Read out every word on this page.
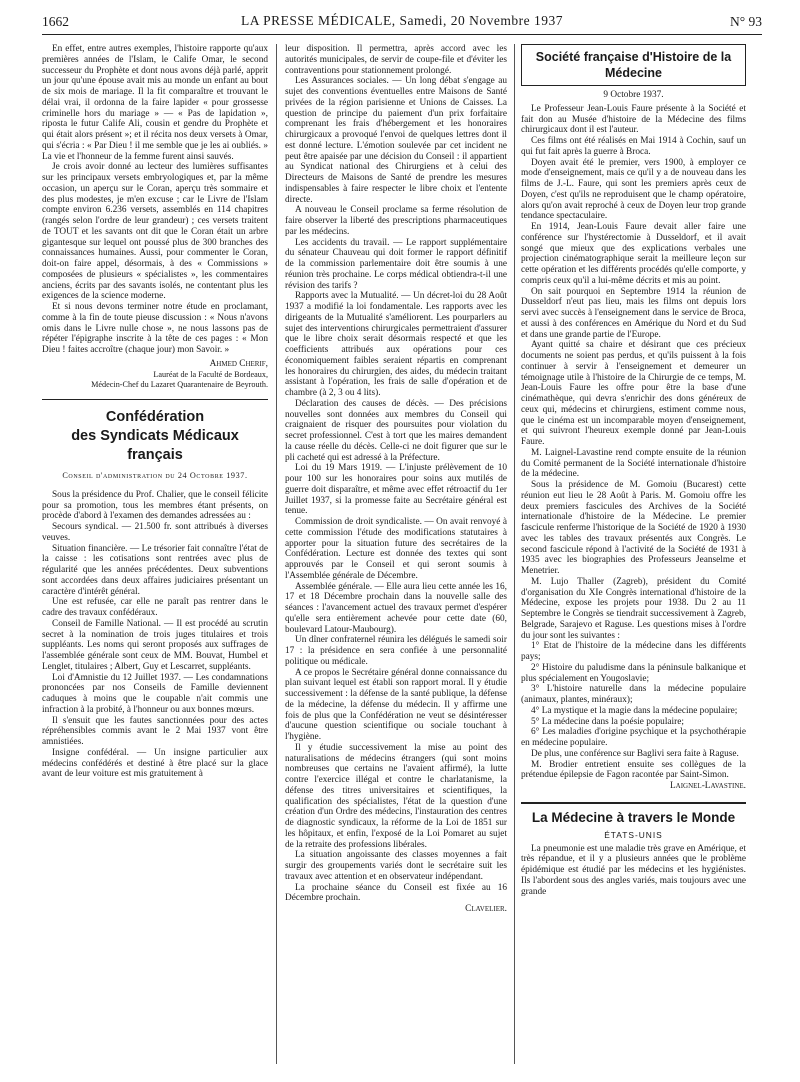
1662	LA PRESSE MÉDICALE, Samedi, 20 Novembre 1937	N° 93

En effet, entre autres exemples, l'histoire rapporte qu'aux premières années de l'Islam, le Calife Omar, le second successeur du Prophète et dont nous avons déjà parlé, apprit un jour qu'une épouse avait mis au monde un enfant au bout de six mois de mariage. Il la fit comparaître et trouvant le délai vrai, il ordonna de la faire lapider « pour grossesse criminelle hors du mariage » — « Pas de lapidation », riposta le futur Calife Ali, cousin et gendre du Prophète et qui était alors présent »; et il récita nos deux versets à Omar, qui s'écria : « Par Dieu ! il me semble que je les ai oubliés. » La vie et l'honneur de la femme furent ainsi sauvés.

Je crois avoir donné au lecteur des lumières suffisantes sur les principaux versets embryologiques et, par la même occasion, un aperçu sur le Coran, aperçu très sommaire et des plus modestes, je m'en excuse ; car le Livre de l'Islam compte environ 6.236 versets, assemblés en 114 chapitres (rangés selon l'ordre de leur grandeur) ; ces versets traitent de TOUT et les savants ont dit que le Coran était un arbre gigantesque sur lequel ont poussé plus de 300 branches des connaissances humaines. Aussi, pour commenter le Coran, doit-on faire appel, désormais, à des « Commissions » composées de plusieurs « spécialistes », les commentaires anciens, écrits par des savants isolés, ne contentant plus les exigences de la science moderne.

Et si nous devons terminer notre étude en proclamant, comme à la fin de toute pieuse discussion : « Nous n'avons omis dans le Livre nulle chose », ne nous lassons pas de répéter l'épigraphe inscrite à la tête de ces pages : « Mon Dieu ! faites accroître (chaque jour) mon Savoir. »

Ahmed Cherif,

Lauréat de la Faculté de Bordeaux,

Médecin-Chef du Lazaret Quarantenaire de Beyrouth.

Confédération
des Syndicats Médicaux
français

Conseil d'administration du 24 Octobre 1937.

Sous la présidence du Prof. Chalier, que le conseil félicite pour sa promotion, tous les membres étant présents, on procède d'abord à l'examen des demandes adressées au :

Secours syndical. — 21.500 fr. sont attribués à diverses veuves.

Situation financière. — Le trésorier fait connaître l'état de la caisse : les cotisations sont rentrées avec plus de régularité que les années précédentes. Deux subventions sont accordées dans deux affaires judiciaires présentant un caractère d'intérêt général.

Une est refusée, car elle ne paraît pas rentrer dans le cadre des travaux confédéraux.

Conseil de Famille National. — Il est procédé au scrutin secret à la nomination de trois juges titulaires et trois suppléants. Les noms qui seront proposés aux suffrages de l'assemblée générale sont ceux de MM. Bouvat, Humbel et Lenglet, titulaires ; Albert, Guy et Lescarret, suppléants.

Loi d'Amnistie du 12 Juillet 1937. — Les condamnations prononcées par nos Conseils de Famille deviennent caduques à moins que le coupable n'ait commis une infraction à la probité, à l'honneur ou aux bonnes mœurs.

Il s'ensuit que les fautes sanctionnées pour des actes répréhensibles commis avant le 2 Mai 1937 vont être amnistiées.

Insigne confédéral. — Un insigne particulier aux médecins confédérés et destiné à être placé sur la glace avant de leur voiture est mis gratuitement à

leur disposition. Il permettra, après accord avec les autorités municipales, de servir de coupe-file et d'éviter les contraventions pour stationnement prolongé.

Les Assurances sociales. — Un long débat s'engage au sujet des conventions éventuelles entre Maisons de Santé privées de la région parisienne et Unions de Caisses. La question de principe du paiement d'un prix forfaitaire comprenant les frais d'hébergement et les honoraires chirurgicaux a provoqué l'envoi de quelques lettres dont il est donné lecture. L'émotion soulevée par cet incident ne peut être apaisée par une décision du Conseil : il appartient au Syndicat national des Chirurgiens et à celui des Directeurs de Maisons de Santé de prendre les mesures indispensables à faire respecter le libre choix et l'entente directe.

A nouveau le Conseil proclame sa ferme résolution de faire observer la liberté des prescriptions pharmaceutiques par les médecins.

Les accidents du travail. — Le rapport supplémentaire du sénateur Chauveau qui doit former le rapport définitif de la commission parlementaire doit être soumis à une réunion très prochaine. Le corps médical obtiendra-t-il une révision des tarifs ?

Rapports avec la Mutualité. — Un décret-loi du 28 Août 1937 a modifié la loi fondamentale. Les rapports avec les dirigeants de la Mutualité s'améliorent. Les pourparlers au sujet des interventions chirurgicales permettraient d'assurer que le libre choix serait désormais respecté et que les coefficients attribués aux opérations pour ces économiquement faibles seraient répartis en comprenant les honoraires du chirurgien, des aides, du médecin traitant assistant à l'opération, les frais de salle d'opération et de chambre (à 2, 3 ou 4 lits).

Déclaration des causes de décès. — Des précisions nouvelles sont données aux membres du Conseil qui craignaient de risquer des poursuites pour violation du secret professionnel. C'est à tort que les maires demandent la cause réelle du décès. Celle-ci ne doit figurer que sur le pli cacheté qui est adressé à la Préfecture.

Loi du 19 Mars 1919. — L'injuste prélèvement de 10 pour 100 sur les honoraires pour soins aux mutilés de guerre doit disparaître, et même avec effet rétroactif du 1er Juillet 1937, si la promesse faite au Secrétaire général est tenue.

Commission de droit syndicaliste. — On avait renvoyé à cette commission l'étude des modifications statutaires à apporter pour la situation future des secrétaires de la Confédération. Lecture est donnée des textes qui sont approuvés par le Conseil et qui seront soumis à l'Assemblée générale de Décembre.

Assemblée générale. — Elle aura lieu cette année les 16, 17 et 18 Décembre prochain dans la nouvelle salle des séances : l'avancement actuel des travaux permet d'espérer qu'elle sera entièrement achevée pour cette date (60, boulevard Latour-Maubourg).

Un dîner confraternel réunira les délégués le samedi soir 17 : la présidence en sera confiée à une personnalité politique ou médicale.

A ce propos le Secrétaire général donne connaissance du plan suivant lequel est établi son rapport moral. Il y étudie successivement : la défense de la santé publique, la défense de la médecine, la défense du médecin. Il y affirme une fois de plus que la Confédération ne veut se désintéresser d'aucune question scientifique ou sociale touchant à l'hygiène.

Il y étudie successivement la mise au point des naturalisations de médecins étrangers (qui sont moins nombreuses que certains ne l'avaient affirmé), la lutte contre l'exercice illégal et contre le charlatanisme, la défense des titres universitaires et scientifiques, la qualification des spécialistes, l'état de la question d'une création d'un Ordre des médecins, l'instauration des centres de diagnostic syndicaux, la réforme de la Loi de 1851 sur les hôpitaux, et enfin, l'exposé de la Loi Pomaret au sujet de la retraite des professions libérales.

La situation angoissante des classes moyennes a fait surgir des groupements variés dont le secrétaire suit les travaux avec attention et en observateur indépendant.

La prochaine séance du Conseil est fixée au 16 Décembre prochain.

Clavelier.

Société française d'Histoire de la Médecine

9 Octobre 1937.

Le Professeur Jean-Louis Faure présente à la Société et fait don au Musée d'histoire de la Médecine des films chirurgicaux dont il est l'auteur.

Ces films ont été réalisés en Mai 1914 à Cochin, sauf un qui fut fait après la guerre à Broca.

Doyen avait été le premier, vers 1900, à employer ce mode d'enseignement, mais ce qu'il y a de nouveau dans les films de J.-L. Faure, qui sont les premiers après ceux de Doyen, c'est qu'ils ne reproduisent que le champ opératoire, alors qu'on avait reproché à ceux de Doyen leur trop grande tendance spectaculaire.

En 1914, Jean-Louis Faure devait aller faire une conférence sur l'hystérectomie à Dusseldorf, et il avait songé que mieux que des explications verbales une projection cinématographique serait la meilleure leçon sur cette opération et les différents procédés qu'elle comporte, y compris ceux qu'il a lui-même décrits et mis au point.

On sait pourquoi en Septembre 1914 la réunion de Dusseldorf n'eut pas lieu, mais les films ont depuis lors servi avec succès à l'enseignement dans le service de Broca, et aussi à des conférences en Amérique du Nord et du Sud et dans une grande partie de l'Europe.

Ayant quitté sa chaire et désirant que ces précieux documents ne soient pas perdus, et qu'ils puissent à la fois continuer à servir à l'enseignement et demeurer un témoignage utile à l'histoire de la Chirurgie de ce temps, M. Jean-Louis Faure les offre pour être la base d'une cinémathèque, qui devra s'enrichir des dons généreux de ceux qui, médecins et chirurgiens, estiment comme nous, que le cinéma est un incomparable moyen d'enseignement, et qui suivront l'heureux exemple donné par Jean-Louis Faure.

M. Laignel-Lavastine rend compte ensuite de la réunion du Comité permanent de la Société internationale d'histoire de la médecine.

Sous la présidence de M. Gomoiu (Bucarest) cette réunion eut lieu le 28 Août à Paris. M. Gomoiu offre les deux premiers fascicules des Archives de la Société internationale d'histoire de la Médecine. Le premier fascicule renferme l'historique de la Société de 1920 à 1930 avec les tables des travaux présentés aux Congrès. Le second fascicule répond à l'activité de la Société de 1931 à 1935 avec les biographies des Professeurs Jeanselme et Menetrier.

M. Lujo Thaller (Zagreb), président du Comité d'organisation du XIe Congrès international d'histoire de la Médecine, expose les projets pour 1938. Du 2 au 11 Septembre le Congrès se tiendrait successivement à Zagreb, Belgrade, Sarajevo et Raguse. Les questions mises à l'ordre du jour sont les suivantes :

1° Etat de l'histoire de la médecine dans les différents pays;

2° Histoire du paludisme dans la péninsule balkanique et plus spécialement en Yougoslavie;

3° L'histoire naturelle dans la médecine populaire (animaux, plantes, minéraux);

4° La mystique et la magie dans la médecine populaire;

5° La médecine dans la poésie populaire;

6° Les maladies d'origine psychique et la psychothérapie en médecine populaire.

De plus, une conférence sur Baglivi sera faite à Raguse.

M. Brodier entretient ensuite ses collègues de la prétendue épilepsie de Fagon racontée par Saint-Simon.

Laignel-Lavastine.

La Médecine à travers le Monde

ÉTATS-UNIS

La pneumonie est une maladie très grave en Amérique, et très répandue, et il y a plusieurs années que le problème épidémique est étudié par les médecins et les hygiénistes. Ils l'abordent sous des angles variés, mais toujours avec une grande
